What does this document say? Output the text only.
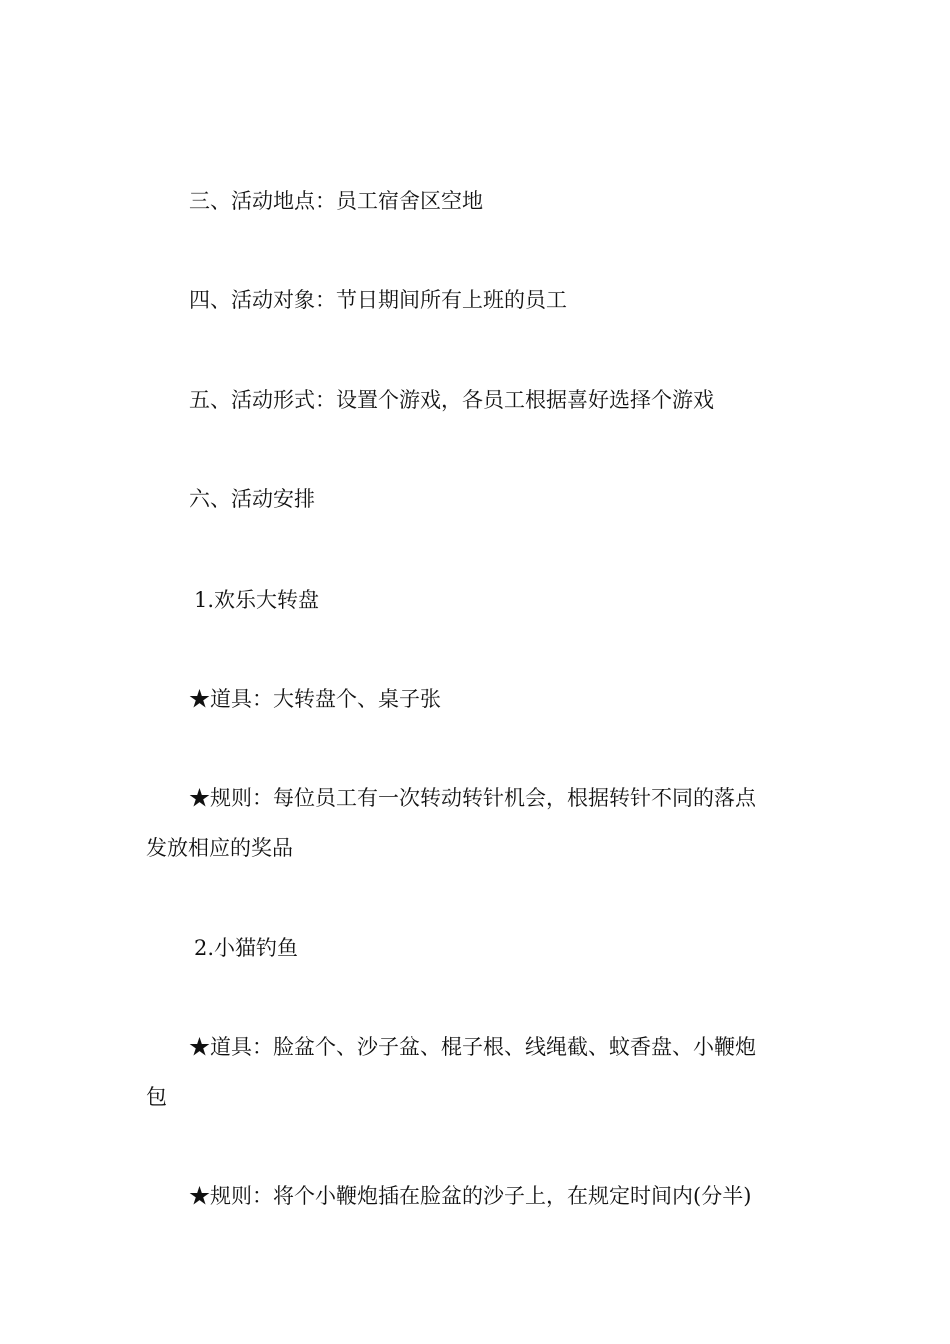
三、活动地点：员工宿舍区空地
四、活动对象：节日期间所有上班的员工
五、活动形式：设置个游戏，各员工根据喜好选择个游戏
六、活动安排
1.欢乐大转盘
★道具：大转盘个、桌子张
★规则：每位员工有一次转动转针机会，根据转针不同的落点
发放相应的奖品
2.小猫钓鱼
★道具：脸盆个、沙子盆、棍子根、线绳截、蚊香盘、小鞭炮
包
★规则：将个小鞭炮插在脸盆的沙子上，在规定时间内(分半)
